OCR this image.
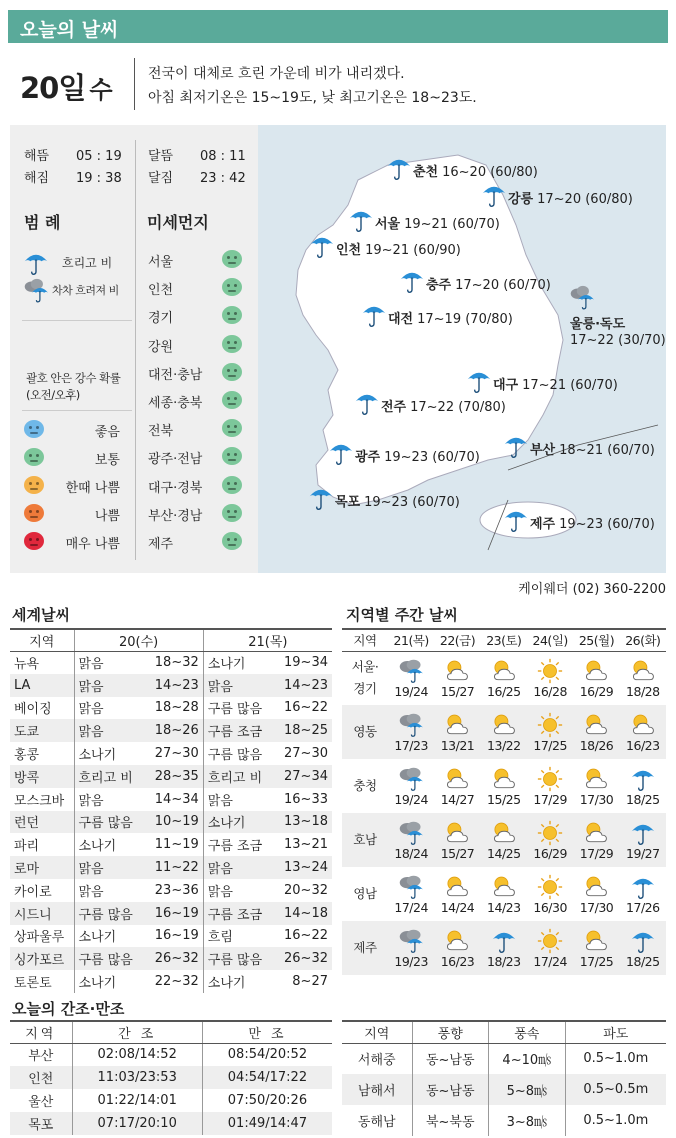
오늘의 날씨
20일 수
전국이 대체로 흐린 가운데 비가 내리겠다.
아침 최저기온은 15~19도, 낮 최고기온은 18~23도.
해뜸 05 : 19
해짐 19 : 38
달뜸 08 : 11
달짐 23 : 42
범 례
흐리고 비
차차 흐려져 비
괄호 안은 강수 확률
(오전/오후)
좋음
보통
한때 나쁨
나쁨
매우 나쁨
미세먼지
서울
인천
경기
강원
대전·충남
세종·충북
전북
광주·전남
대구·경북
부산·경남
제주
춘천 16~20 (60/80)
강릉 17~20 (60/80)
서울 19~21 (60/70)
인천 19~21 (60/90)
충주 17~20 (60/70)
대전 17~19 (70/80)	울릉·독도
17~22 (30/70)
대구 17~21 (60/70)
전주 17~22 (70/80)
부산 18~21 (60/70)
광주 19~23 (60/70)
목포 19~23 (60/70)
제주 19~23 (60/70)
케이웨더 (02) 360-2200
세계날씨
지역	20(수)		21(목)	
뉴욕	맑음	18~32	소나기	19~34
LA	맑음	14~23	맑음	14~23
베이징	맑음	18~28	구름 많음	16~22
도쿄	맑음	18~26	구름 조금	18~25
홍콩	소나기	27~30	구름 많음	27~30
방콕	흐리고 비	28~35	흐리고 비	27~34
모스크바	맑음	14~34	맑음	16~33
런던	구름 많음	10~19	소나기	13~18
파리	소나기	11~19	구름 조금	13~21
로마	맑음	11~22	맑음	13~24
카이로	맑음	23~36	맑음	20~32
시드니	구름 많음	16~19	구름 조금	14~18
상파울루	소나기	16~19	흐림	16~22
싱가포르	구름 많음	26~32	구름 많음	26~32
토론토	소나기	22~32	소나기	8~27
지역별 주간 날씨
지역	21(목)	22(금)	23(토)	24(일)	25(월)	26(화)

서울·
경기	19/24	15/27	16/25	16/28	16/29	18/28

영동	17/23	13/21	13/22	17/25	18/26	16/23

충청	19/24	14/27	15/25	17/29	17/30	18/25

호남	18/24	15/27	14/25	16/29	17/29	19/27

영남	17/24	14/24	14/23	16/30	17/30	17/26

제주	19/23	16/23	18/23	17/24	17/25	18/25
오늘의 간조·만조
지역	간 조	만 조
부산	02:08/14:52	08:54/20:52
인천	11:03/23:53	04:54/17:22
울산	01:22/14:01	07:50/20:26
목포	07:17/20:10	01:49/14:47
지역	풍향	풍속	파도
서해중	동~남동	4~10㎧	0.5~1.0m
남해서	동~남동	5~8㎧	0.5~0.5m
동해남	북~북동	3~8㎧	0.5~1.0m
